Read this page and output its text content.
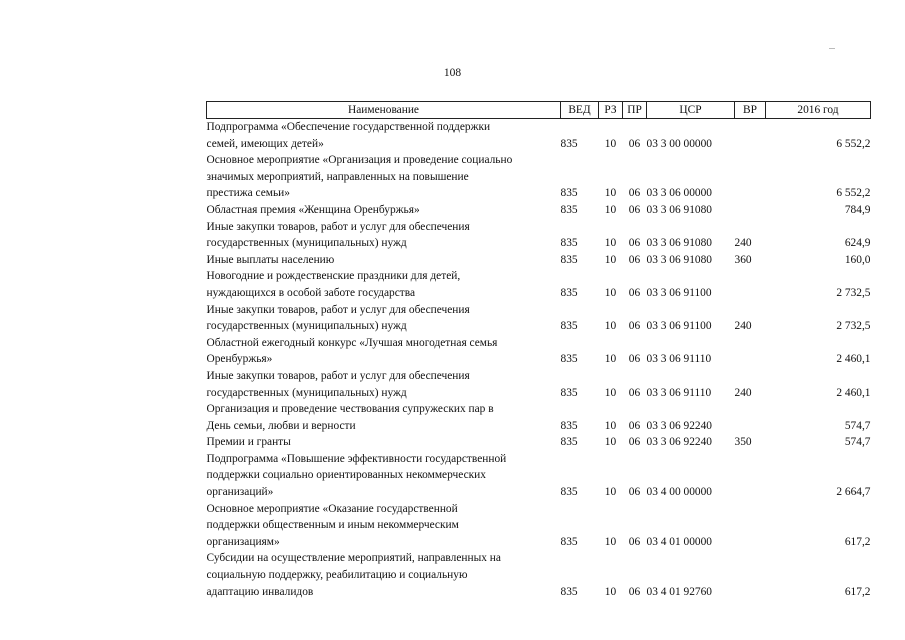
108
Наименование	ВЕД	РЗ	ПР	ЦСР	ВР	2016 год

Подпрограмма «Обеспечение государственной поддержки
семей, имеющих детей»	835	10	06	03 3 00 00000		6 552,2

Основное мероприятие «Организация и проведение социально
значимых мероприятий, направленных на повышение
престижа семьи»	835	10	06	03 3 06 00000		6 552,2

Областная премия «Женщина Оренбуржья»	835	10	06	03 3 06 91080		784,9

Иные закупки товаров, работ и услуг для обеспечения
государственных (муниципальных) нужд	835	10	06	03 3 06 91080	240	624,9

Иные выплаты населению	835	10	06	03 3 06 91080	360	160,0

Новогодние и рождественские праздники для детей,
нуждающихся в особой заботе государства	835	10	06	03 3 06 91100		2 732,5

Иные закупки товаров, работ и услуг для обеспечения
государственных (муниципальных) нужд	835	10	06	03 3 06 91100	240	2 732,5

Областной ежегодный конкурс «Лучшая многодетная семья
Оренбуржья»	835	10	06	03 3 06 91110		2 460,1

Иные закупки товаров, работ и услуг для обеспечения
государственных (муниципальных) нужд	835	10	06	03 3 06 91110	240	2 460,1

Организация и проведение чествования супружеских пар в
День семьи, любви и верности	835	10	06	03 3 06 92240		574,7

Премии и гранты	835	10	06	03 3 06 92240	350	574,7

Подпрограмма «Повышение эффективности государственной
поддержки социально ориентированных некоммерческих
организаций»	835	10	06	03 4 00 00000		2 664,7

Основное мероприятие «Оказание государственной
поддержки общественным и иным некоммерческим
организациям»	835	10	06	03 4 01 00000		617,2

Субсидии на осуществление мероприятий, направленных на
социальную поддержку, реабилитацию и социальную
адаптацию инвалидов	835	10	06	03 4 01 92760		617,2
